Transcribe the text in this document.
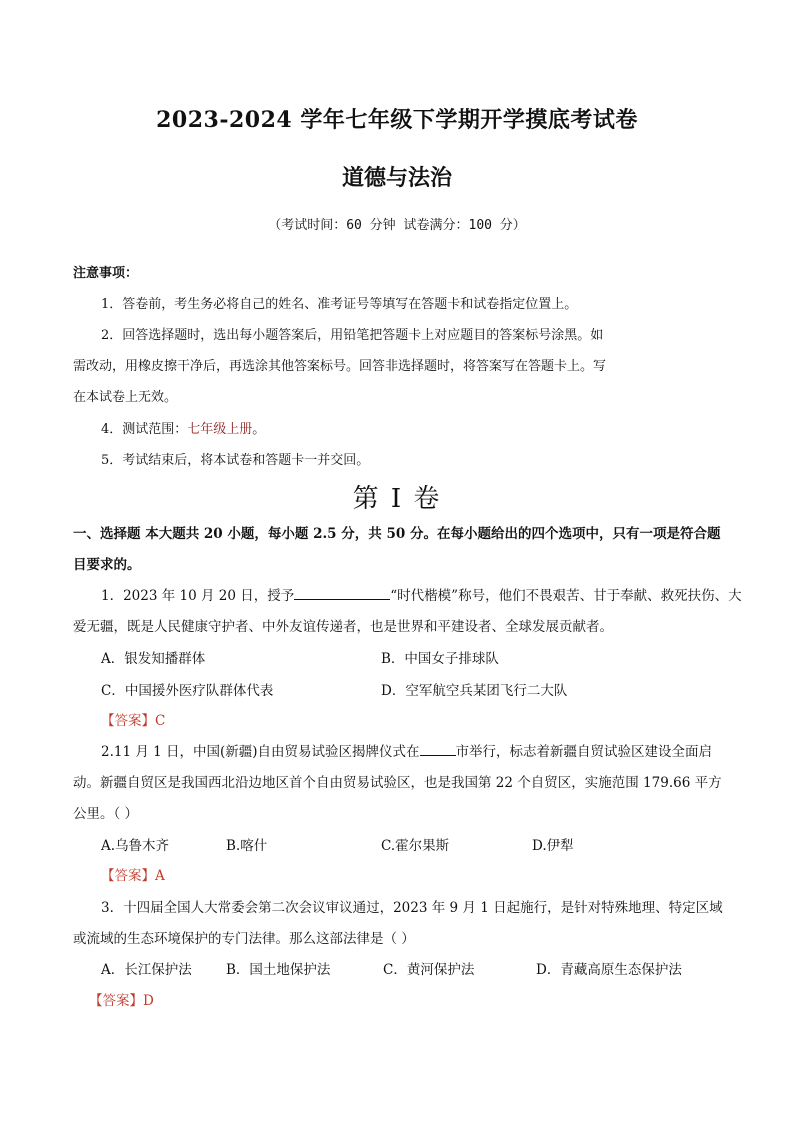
2023-2024 学年七年级下学期开学摸底考试卷
道德与法治
（考试时间：60 分钟 试卷满分：100 分）
注意事项：
1．答卷前，考生务必将自己的姓名、准考证号等填写在答题卡和试卷指定位置上。
2．回答选择题时，选出每小题答案后，用铅笔把答题卡上对应题目的答案标号涂黑。如
需改动，用橡皮擦干净后，再选涂其他答案标号。回答非选择题时，将答案写在答题卡上。写
在本试卷上无效。
4．测试范围：七年级上册。
5．考试结束后，将本试卷和答题卡一并交回。
第 I 卷
一、选择题 本大题共 20 小题，每小题 2.5 分，共 50 分。在每小题给出的四个选项中，只有一项是符合题
目要求的。
1．2023 年 10 月 20 日，授予	“时代楷模”称号，他们不畏艰苦、甘于奉献、救死扶伤、大
爱无疆，既是人民健康守护者、中外友谊传递者，也是世界和平建设者、全球发展贡献者。
A．银发知播群体	B．中国女子排球队
C．中国援外医疗队群体代表	D．空军航空兵某团飞行二大队
【答案】C
2.11 月 1 日，中国(新疆)自由贸易试验区揭牌仪式在	市举行，标志着新疆自贸试验区建设全面启
动。新疆自贸区是我国西北沿边地区首个自由贸易试验区，也是我国第 22 个自贸区，实施范围 179.66 平方
公里。（ ）
A.乌鲁木齐	B.喀什	C.霍尔果斯	D.伊犁
【答案】A
3．十四届全国人大常委会第二次会议审议通过，2023 年 9 月 1 日起施行，是针对特殊地理、特定区域
或流域的生态环境保护的专门法律。那么这部法律是（ ）
A．长江保护法	B．国土地保护法	C．黄河保护法	D．青藏高原生态保护法
【答案】D
